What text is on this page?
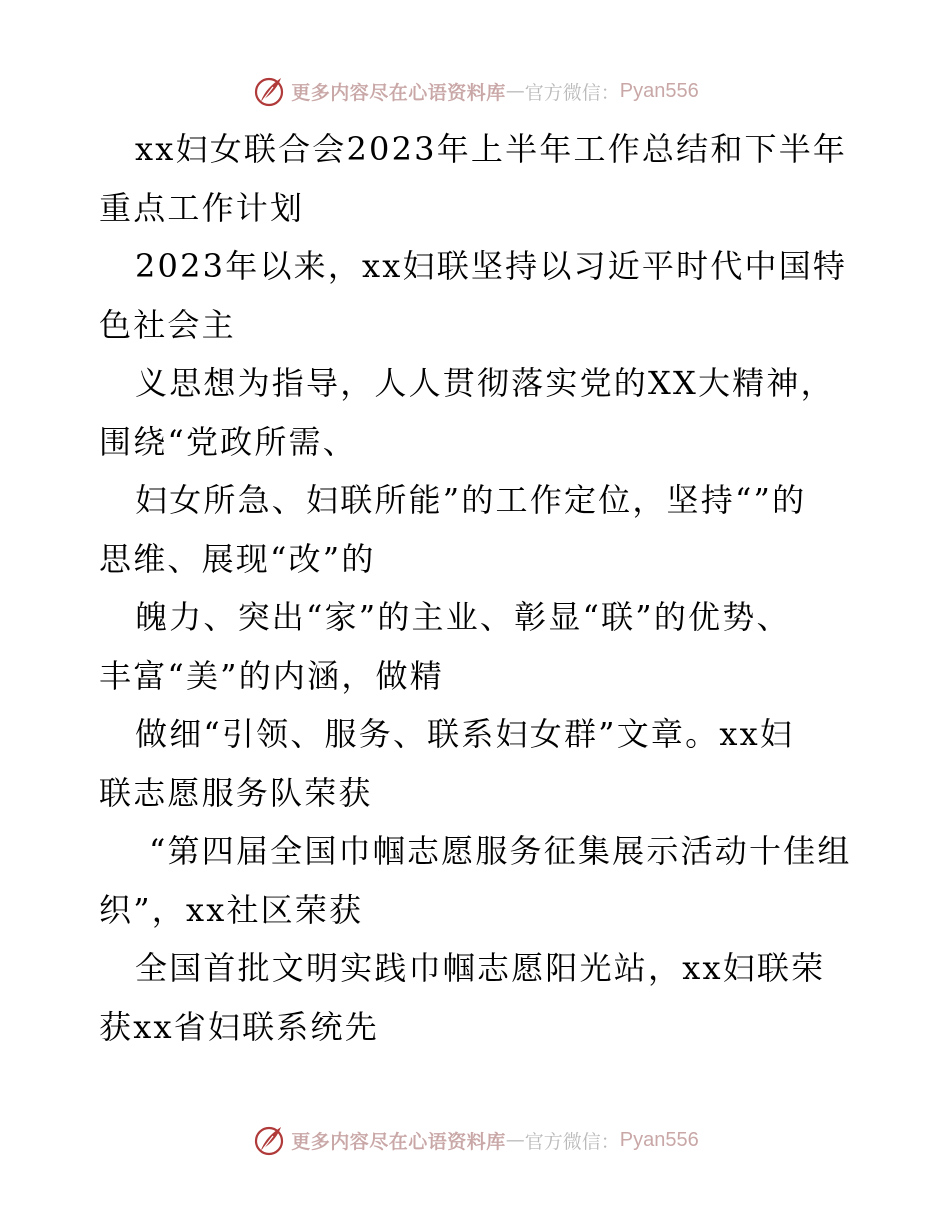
更多内容尽在心语资料库 — 官方微信： Pyan556
xx妇女联合会2023年上半年工作总结和下半年
重点工作计划
2023年以来，xx妇联坚持以习近平时代中国特
色社会主
义思想为指导，人人贯彻落实党的XX大精神，
围绕“党政所需、
妇女所急、妇联所能”的工作定位，坚持“”的
思维、展现“改”的
魄力、突出“家”的主业、彰显“联”的优势、
丰富“美”的内涵，做精
做细“引领、服务、联系妇女群”文章。xx妇
联志愿服务队荣获
“第四届全国巾帼志愿服务征集展示活动十佳组
织”，xx社区荣获
全国首批文明实践巾帼志愿阳光站，xx妇联荣
获xx省妇联系统先
更多内容尽在心语资料库 — 官方微信： Pyan556
